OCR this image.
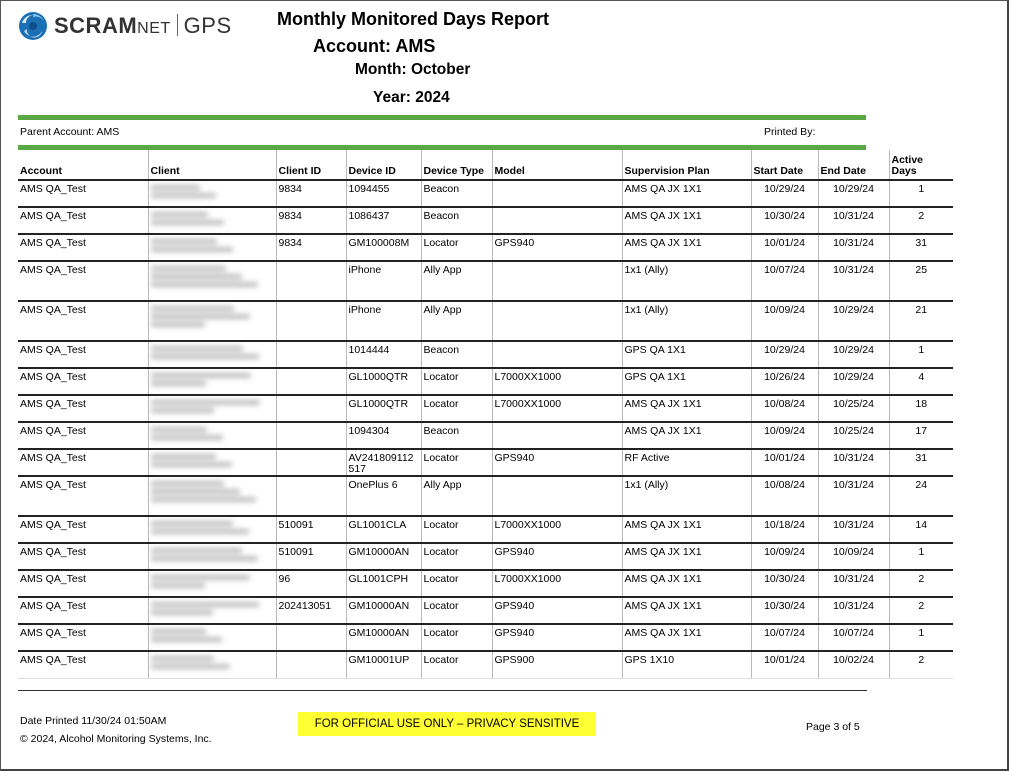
SCRAMNET GPS	Monthly Monitored Days Report
Account: AMS
Month: October
Year: 2024
Parent Account: AMS	Printed By:
Account	Client	Client ID	Device ID	Device Type	Model	Supervision Plan	Start Date	End Date	Active Days
AMS QA_Test		9834	1094455	Beacon		AMS QA JX 1X1	10/29/24	10/29/24	1
AMS QA_Test		9834	1086437	Beacon		AMS QA JX 1X1	10/30/24	10/31/24	2
AMS QA_Test		9834	GM100008M	Locator	GPS940	AMS QA JX 1X1	10/01/24	10/31/24	31
AMS QA_Test			iPhone	Ally App		1x1 (Ally)	10/07/24	10/31/24	25
AMS QA_Test			iPhone	Ally App		1x1 (Ally)	10/09/24	10/29/24	21
AMS QA_Test			1014444	Beacon		GPS QA 1X1	10/29/24	10/29/24	1
AMS QA_Test			GL1000QTR	Locator	L7000XX1000	GPS QA 1X1	10/26/24	10/29/24	4
AMS QA_Test			GL1000QTR	Locator	L7000XX1000	AMS QA JX 1X1	10/08/24	10/25/24	18
AMS QA_Test			1094304	Beacon		AMS QA JX 1X1	10/09/24	10/25/24	17
AMS QA_Test			AV241809112 517	Locator	GPS940	RF Active	10/01/24	10/31/24	31
AMS QA_Test			OnePlus 6	Ally App		1x1 (Ally)	10/08/24	10/31/24	24
AMS QA_Test		510091	GL1001CLA	Locator	L7000XX1000	AMS QA JX 1X1	10/18/24	10/31/24	14
AMS QA_Test		510091	GM10000AN	Locator	GPS940	AMS QA JX 1X1	10/09/24	10/09/24	1
AMS QA_Test		96	GL1001CPH	Locator	L7000XX1000	AMS QA JX 1X1	10/30/24	10/31/24	2
AMS QA_Test		202413051	GM10000AN	Locator	GPS940	AMS QA JX 1X1	10/30/24	10/31/24	2
AMS QA_Test			GM10000AN	Locator	GPS940	AMS QA JX 1X1	10/07/24	10/07/24	1
AMS QA_Test			GM10001UP	Locator	GPS900	GPS 1X10	10/01/24	10/02/24	2
Date Printed 11/30/24 01:50AM
© 2024, Alcohol Monitoring Systems, Inc.
FOR OFFICIAL USE ONLY – PRIVACY SENSITIVE	Page 3 of 5
